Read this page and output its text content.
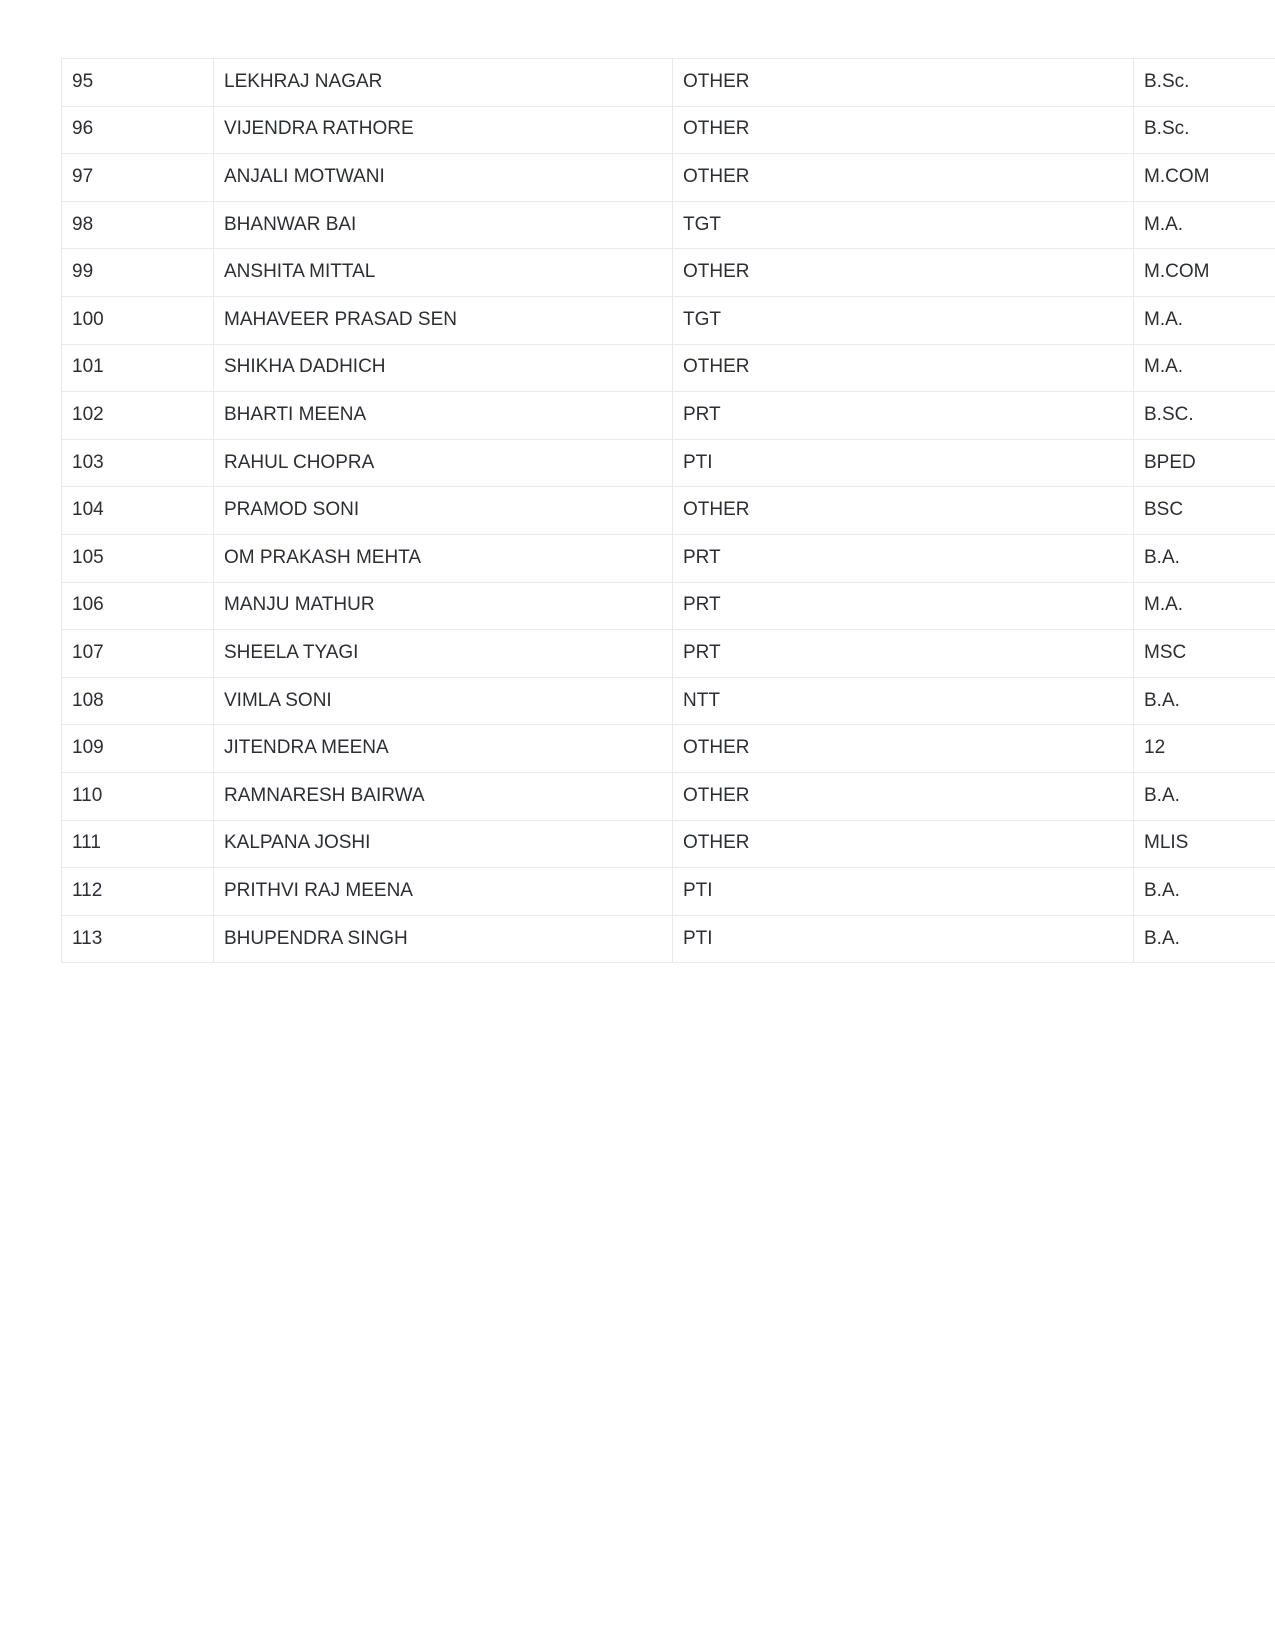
95	LEKHRAJ NAGAR	OTHER	B.Sc.
96	VIJENDRA RATHORE	OTHER	B.Sc.
97	ANJALI MOTWANI	OTHER	M.COM
98	BHANWAR BAI	TGT	M.A.
99	ANSHITA MITTAL	OTHER	M.COM
100	MAHAVEER PRASAD SEN	TGT	M.A.
101	SHIKHA DADHICH	OTHER	M.A.
102	BHARTI MEENA	PRT	B.SC.
103	RAHUL CHOPRA	PTI	BPED
104	PRAMOD SONI	OTHER	BSC
105	OM PRAKASH MEHTA	PRT	B.A.
106	MANJU MATHUR	PRT	M.A.
107	SHEELA TYAGI	PRT	MSC
108	VIMLA SONI	NTT	B.A.
109	JITENDRA MEENA	OTHER	12
110	RAMNARESH BAIRWA	OTHER	B.A.
111	KALPANA JOSHI	OTHER	MLIS
112	PRITHVI RAJ MEENA	PTI	B.A.
113	BHUPENDRA SINGH	PTI	B.A.
